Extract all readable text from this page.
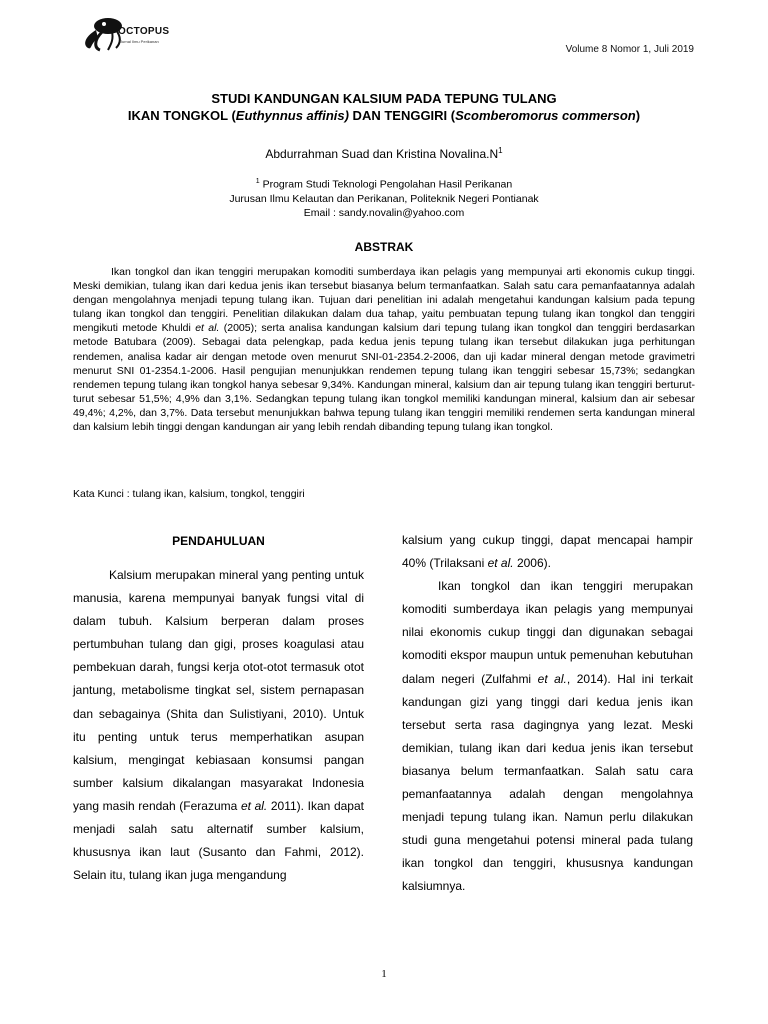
OCTOPUS
Jurnal Ilmu Perikanan
Volume 8 Nomor 1, Juli 2019
STUDI KANDUNGAN KALSIUM PADA TEPUNG TULANG
IKAN TONGKOL (Euthynnus affinis) DAN TENGGIRI (Scomberomorus commerson)
Abdurrahman Suad dan Kristina $Novalina.N^1$
$^1$ Program Studi Teknologi Pengolahan Hasil Perikanan
Jurusan Ilmu Kelautan dan Perikanan, Politeknik Negeri Pontianak
Email : sandy.novalin@yahoo.com
ABSTRAK

Ikan tongkol dan ikan tenggiri merupakan komoditi sumberdaya ikan pelagis yang mempunyai arti ekonomis cukup tinggi. Meski demikian, tulang ikan dari kedua jenis ikan tersebut biasanya belum termanfaatkan. Salah satu cara pemanfaatannya adalah dengan mengolahnya menjadi tepung tulang ikan. Tujuan dari penelitian ini adalah mengetahui kandungan kalsium pada tepung tulang ikan tongkol dan tenggiri. Penelitian dilakukan dalam dua tahap, yaitu pembuatan tepung tulang ikan tongkol dan tenggiri mengikuti metode Khuldi et al. (2005); serta analisa kandungan kalsium dari tepung tulang ikan tongkol dan tenggiri berdasarkan metode Batubara (2009). Sebagai data pelengkap, pada kedua jenis tepung tulang ikan tersebut dilakukan juga perhitungan rendemen, analisa kadar air dengan metode oven menurut SNI-01-2354.2-2006, dan uji kadar mineral dengan metode gravimetri menurut SNI 01-2354.1-2006. Hasil pengujian menunjukkan rendemen tepung tulang ikan tenggiri sebesar 15,73%; sedangkan rendemen tepung tulang ikan tongkol hanya sebesar 9,34%. Kandungan mineral, kalsium dan air tepung tulang ikan tenggiri berturut-turut sebesar 51,5%; 4,9% dan 3,1%. Sedangkan tepung tulang ikan tongkol memiliki kandungan mineral, kalsium dan air sebesar 49,4%; 4,2%, dan 3,7%. Data tersebut menunjukkan bahwa tepung tulang ikan tenggiri memiliki rendemen serta kandungan mineral dan kalsium lebih tinggi dengan kandungan air yang lebih rendah dibanding tepung tulang ikan tongkol.

Kata Kunci : tulang ikan, kalsium, tongkol, tenggiri

PENDAHULUAN

Kalsium merupakan mineral yang penting untuk manusia, karena mempunyai banyak fungsi vital di dalam tubuh. Kalsium berperan dalam proses pertumbuhan tulang dan gigi, proses koagulasi atau pembekuan darah, fungsi kerja otot-otot termasuk otot jantung, metabolisme tingkat sel, sistem pernapasan dan sebagainya (Shita dan Sulistiyani, 2010). Untuk itu penting untuk terus memperhatikan asupan kalsium, mengingat kebiasaan konsumsi pangan sumber kalsium dikalangan masyarakat Indonesia yang masih rendah (Ferazuma et al. 2011). Ikan dapat menjadi salah satu alternatif sumber kalsium, khususnya ikan laut (Susanto dan Fahmi, 2012). Selain itu, tulang ikan juga mengandung

kalsium yang cukup tinggi, dapat mencapai hampir 40% (Trilaksani et al. 2006).

Ikan tongkol dan ikan tenggiri merupakan komoditi sumberdaya ikan pelagis yang mempunyai nilai ekonomis cukup tinggi dan digunakan sebagai komoditi ekspor maupun untuk pemenuhan kebutuhan dalam negeri (Zulfahmi et al., 2014). Hal ini terkait kandungan gizi yang tinggi dari kedua jenis ikan tersebut serta rasa dagingnya yang lezat. Meski demikian, tulang ikan dari kedua jenis ikan tersebut biasanya belum termanfaatkan. Salah satu cara pemanfaatannya adalah dengan mengolahnya menjadi tepung tulang ikan. Namun perlu dilakukan studi guna mengetahui potensi mineral pada tulang ikan tongkol dan tenggiri, khususnya kandungan kalsiumnya.

1
